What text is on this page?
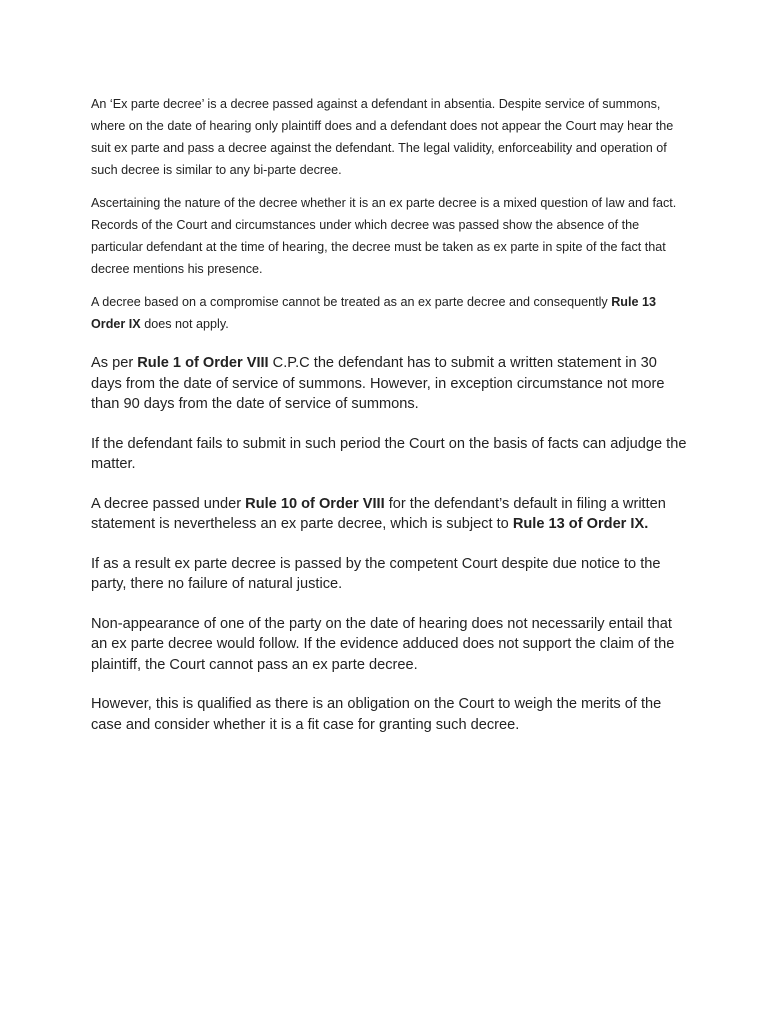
An ‘Ex parte decree’ is a decree passed against a defendant in absentia. Despite service of summons, where on the date of hearing only plaintiff does and a defendant does not appear the Court may hear the suit ex parte and pass a decree against the defendant. The legal validity, enforceability and operation of such decree is similar to any bi-parte decree.

Ascertaining the nature of the decree whether it is an ex parte decree is a mixed question of law and fact. Records of the Court and circumstances under which decree was passed show the absence of the particular defendant at the time of hearing, the decree must be taken as ex parte in spite of the fact that decree mentions his presence.

A decree based on a compromise cannot be treated as an ex parte decree and consequently Rule 13 Order IX does not apply.

As per Rule 1 of Order VIII C.P.C the defendant has to submit a written statement in 30 days from the date of service of summons. However, in exception circumstance not more than 90 days from the date of service of summons.

If the defendant fails to submit in such period the Court on the basis of facts can adjudge the matter.

A decree passed under Rule 10 of Order VIII for the defendant’s default in filing a written statement is nevertheless an ex parte decree, which is subject to Rule 13 of Order IX.

If as a result ex parte decree is passed by the competent Court despite due notice to the party, there no failure of natural justice.

Non-appearance of one of the party on the date of hearing does not necessarily entail that an ex parte decree would follow. If the evidence adduced does not support the claim of the plaintiff, the Court cannot pass an ex parte decree.

However, this is qualified as there is an obligation on the Court to weigh the merits of the case and consider whether it is a fit case for granting such decree.
